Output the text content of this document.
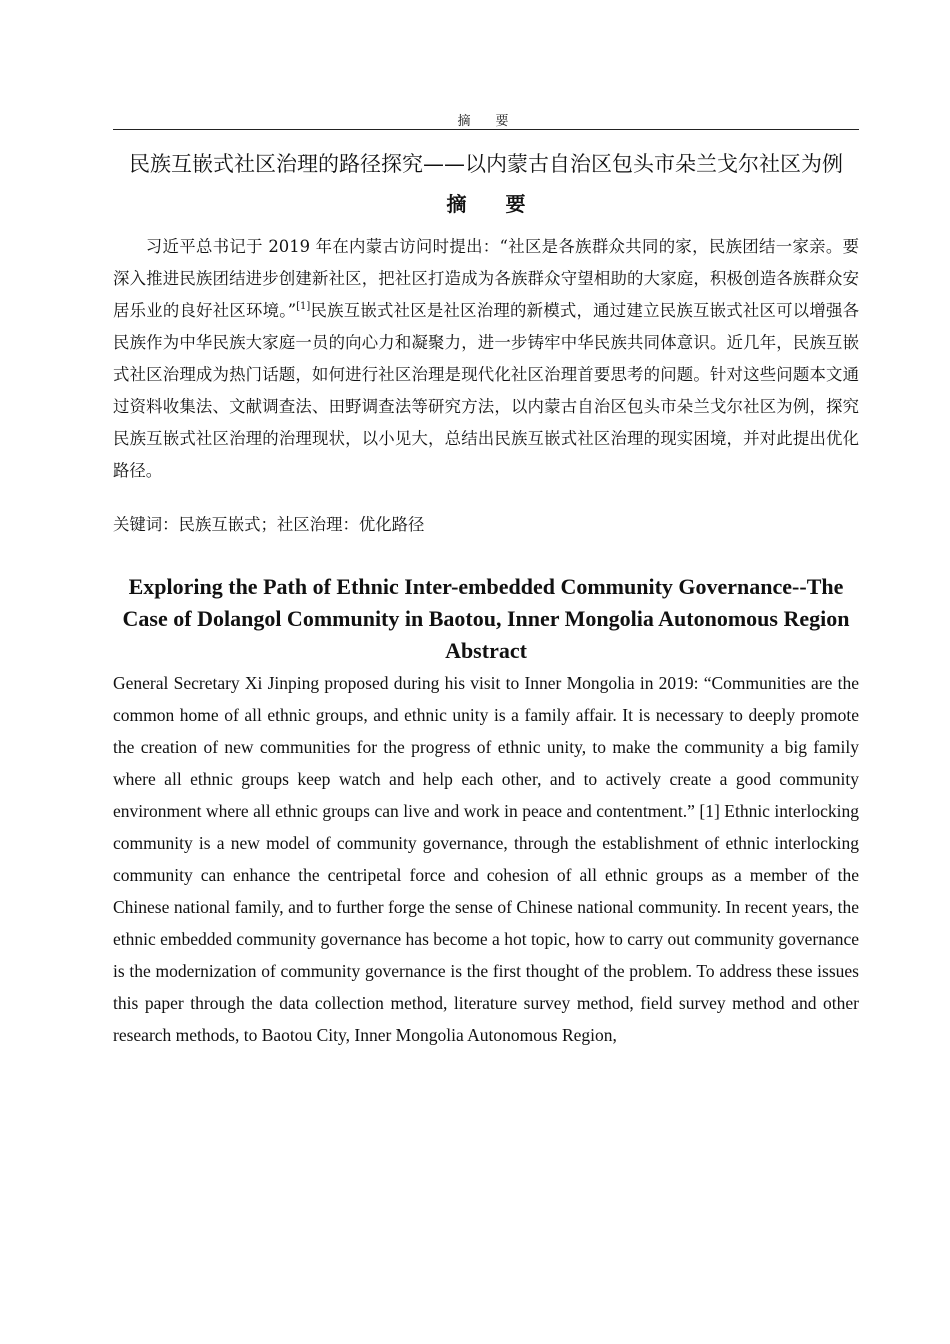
摘　要
民族互嵌式社区治理的路径探究——以内蒙古自治区包头市朵兰戈尔社区为例
摘 要

习近平总书记于 2019 年在内蒙古访问时提出：“社区是各族群众共同的家，民族团结一家亲。要深入推进民族团结进步创建新社区，把社区打造成为各族群众守望相助的大家庭，积极创造各族群众安居乐业的良好社区环境。”[1]民族互嵌式社区是社区治理的新模式，通过建立民族互嵌式社区可以增强各民族作为中华民族大家庭一员的向心力和凝聚力，进一步铸牢中华民族共同体意识。近几年，民族互嵌式社区治理成为热门话题，如何进行社区治理是现代化社区治理首要思考的问题。针对这些问题本文通过资料收集法、文献调查法、田野调查法等研究方法，以内蒙古自治区包头市朵兰戈尔社区为例，探究民族互嵌式社区治理的治理现状，以小见大，总结出民族互嵌式社区治理的现实困境，并对此提出优化路径。

关键词：民族互嵌式；社区治理：优化路径

Exploring the Path of Ethnic Inter-embedded Community Governance--The Case of Dolangol Community in Baotou, Inner Mongolia Autonomous Region
Abstract

General Secretary Xi Jinping proposed during his visit to Inner Mongolia in 2019: “Communities are the common home of all ethnic groups, and ethnic unity is a family affair. It is necessary to deeply promote the creation of new communities for the progress of ethnic unity, to make the community a big family where all ethnic groups keep watch and help each other, and to actively create a good community environment where all ethnic groups can live and work in peace and contentment.” [1] Ethnic interlocking community is a new model of community governance, through the establishment of ethnic interlocking community can enhance the centripetal force and cohesion of all ethnic groups as a member of the Chinese national family, and to further forge the sense of Chinese national community. In recent years, the ethnic embedded community governance has become a hot topic, how to carry out community governance is the modernization of community governance is the first thought of the problem. To address these issues this paper through the data collection method, literature survey method, field survey method and other research methods, to Baotou City, Inner Mongolia Autonomous Region,
